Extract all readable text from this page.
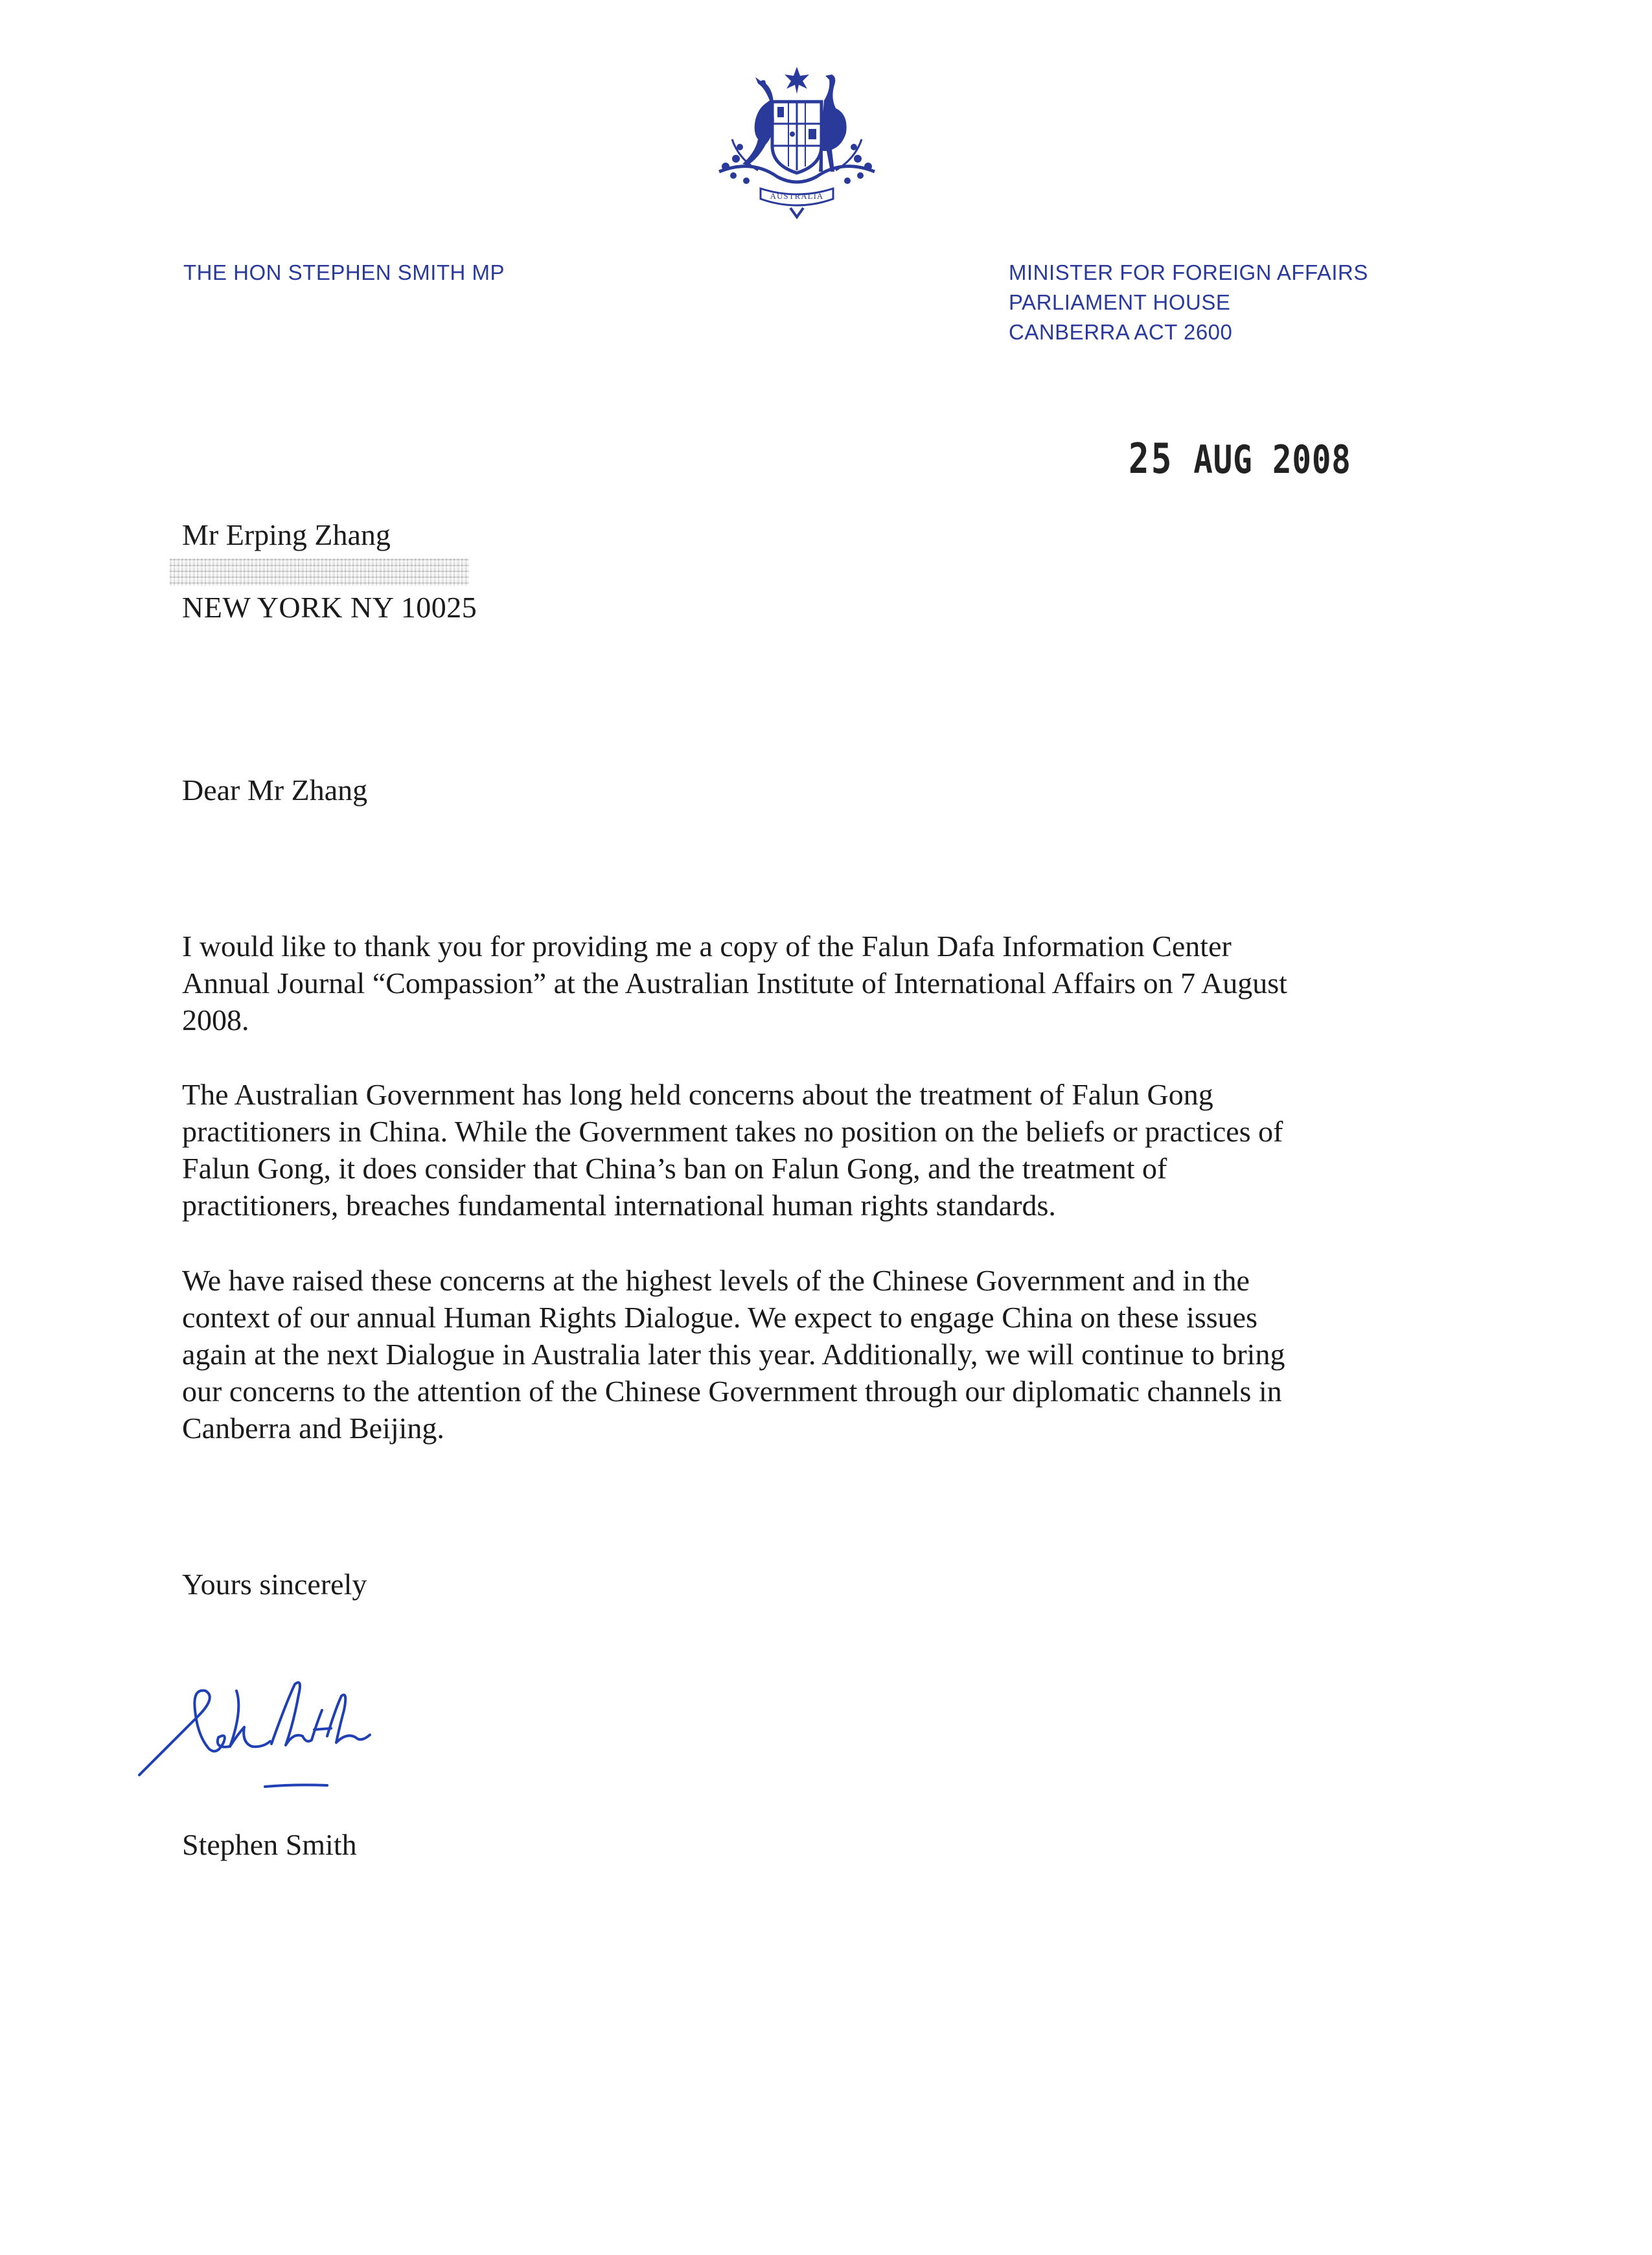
AUSTRALIA
THE HON STEPHEN SMITH MP	MINISTER FOR FOREIGN AFFAIRS
PARLIAMENT HOUSE
CANBERRA ACT 2600
25 AUG 2008
Mr Erping Zhang
NEW YORK NY 10025
Dear Mr Zhang
I would like to thank you for providing me a copy of the Falun Dafa Information Center
Annual Journal “Compassion” at the Australian Institute of International Affairs on 7 August
2008.
The Australian Government has long held concerns about the treatment of Falun Gong
practitioners in China. While the Government takes no position on the beliefs or practices of
Falun Gong, it does consider that China’s ban on Falun Gong, and the treatment of
practitioners, breaches fundamental international human rights standards.
We have raised these concerns at the highest levels of the Chinese Government and in the
context of our annual Human Rights Dialogue. We expect to engage China on these issues
again at the next Dialogue in Australia later this year. Additionally, we will continue to bring
our concerns to the attention of the Chinese Government through our diplomatic channels in
Canberra and Beijing.
Yours sincerely
Stephen Smith
